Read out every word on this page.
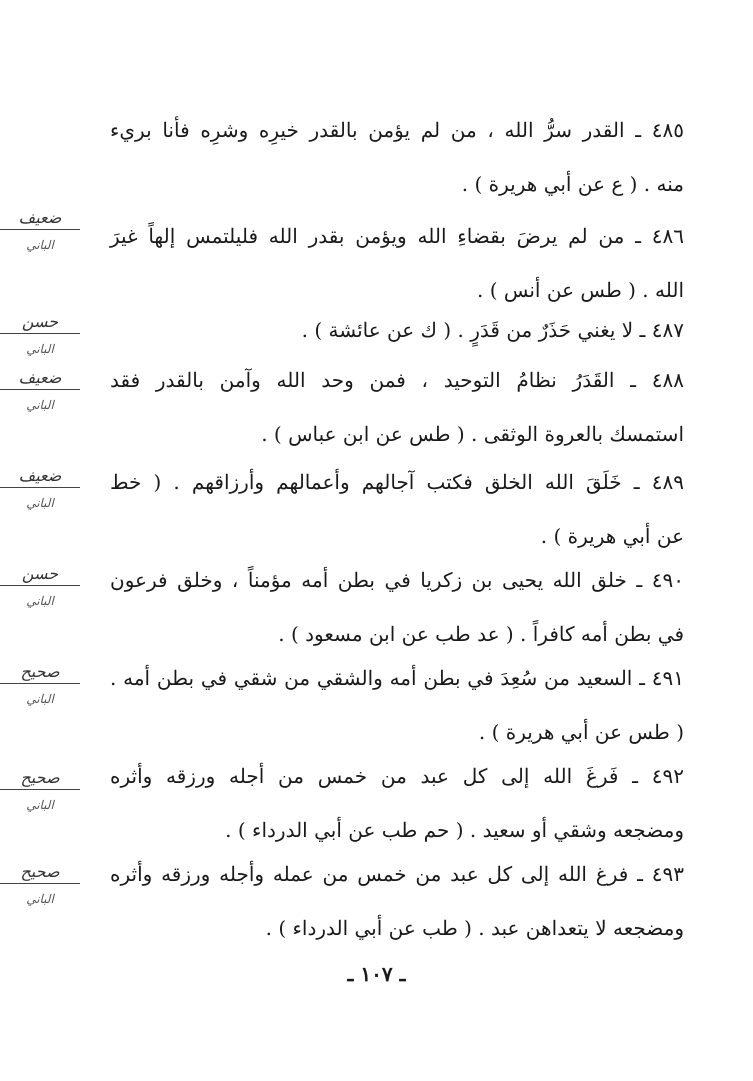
٤٨٥ ـ القدر سرُّ الله ، من لم يؤمن بالقدر خيرِه وشرِه فأنا بريء
منه . ( ع عن أبي هريرة ) .
ضعيف
الباني	٤٨٦ ـ من لم يرضَ بقضاءِ الله ويؤمن بقدر الله فليلتمس إلهاً غيرَ
الله . ( طس عن أنس ) .
حسن
الباني
٤٨٧ ـ لا يغني حَذَرٌ من قَدَرٍ . ( ك عن عائشة ) .
ضعيف
الباني
٤٨٨ ـ القَدَرُ نظامُ التوحيد ، فمن وحد الله وآمن بالقدر فقد
استمسك بالعروة الوثقى . ( طس عن ابن عباس ) .
ضعيف
الباني
٤٨٩ ـ خَلَقَ الله الخلق فكتب آجالهم وأعمالهم وأرزاقهم . ( خط
عن أبي هريرة ) .
حسن
الباني
٤٩٠ ـ خلق الله يحيى بن زكريا في بطن أمه مؤمناً ، وخلق فرعون
في بطن أمه كافراً . ( عد طب عن ابن مسعود ) .
صحيح
الباني
٤٩١ ـ السعيد من سُعِدَ في بطن أمه والشقي من شقي في بطن أمه .
( طس عن أبي هريرة ) .
صحيح
الباني
٤٩٢ ـ فَرغَ الله إلى كل عبد من خمس من أجله ورزقه وأثره
ومضجعه وشقي أو سعيد . ( حم طب عن أبي الدرداء ) .
صحيح
الباني
٤٩٣ ـ فرغ الله إلى كل عبد من خمس من عمله وأجله ورزقه وأثره
ومضجعه لا يتعداهن عبد . ( طب عن أبي الدرداء ) .
ـ ١٠٧ ـ
